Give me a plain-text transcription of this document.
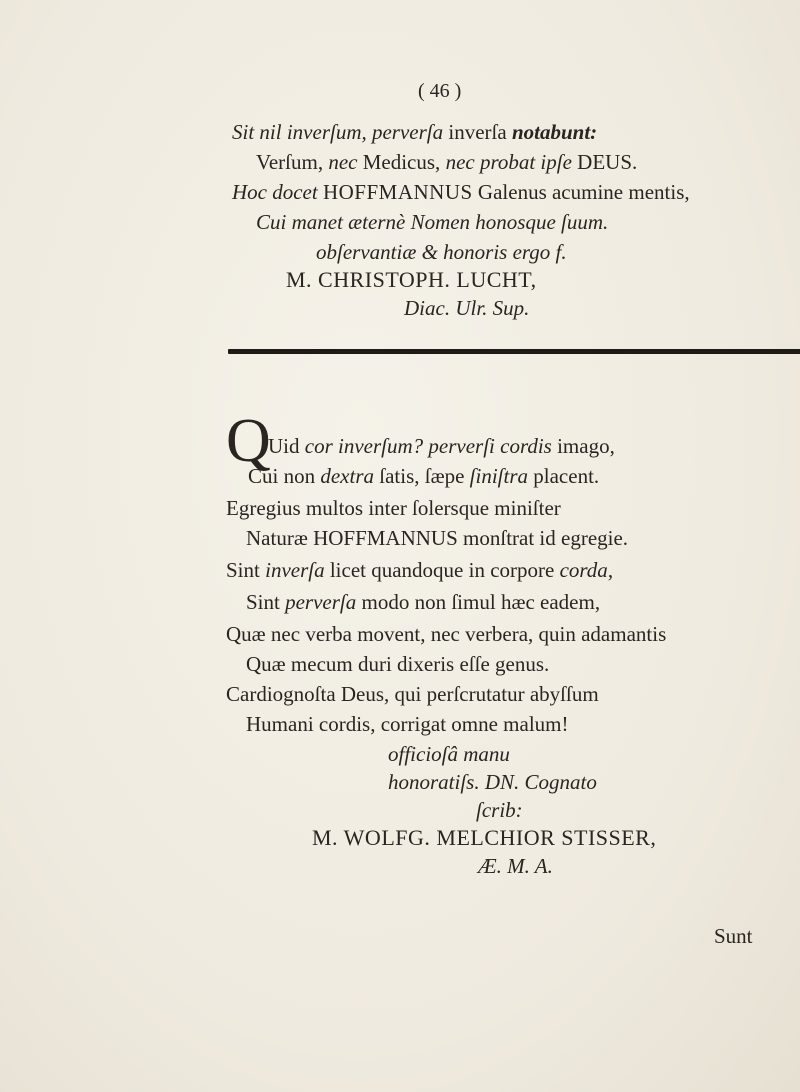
( 46 )
Sit nil inverſum, perverſa inverſa notabunt:
Verſum, nec Medicus, nec probat ipſe DEUS.
Hoc docet HOFFMANNUS Galenus acumine mentis,
Cui manet æternè Nomen honosque ſuum.
obſervantiæ & honoris ergo f.
M. CHRISTOPH. LUCHT,
Diac. Ulr. Sup.
Q
Uid cor inverſum? perverſi cordis imago,
Cui non dextra ſatis, ſæpe ſiniſtra placent.
Egregius multos inter ſolersque miniſter
Naturæ HOFFMANNUS monſtrat id egregie.
Sint inverſa licet quandoque in corpore corda,
Sint perverſa modo non ſimul hæc eadem,
Quæ nec verba movent, nec verbera, quin adamantis
Quæ mecum duri dixeris eſſe genus.
Cardiognoſta Deus, qui perſcrutatur abyſſum
Humani cordis, corrigat omne malum!
officioſâ manu
honoratiſs. DN. Cognato
ſcrib:
M. WOLFG. MELCHIOR STISSER,
Æ. M. A.
Sunt
